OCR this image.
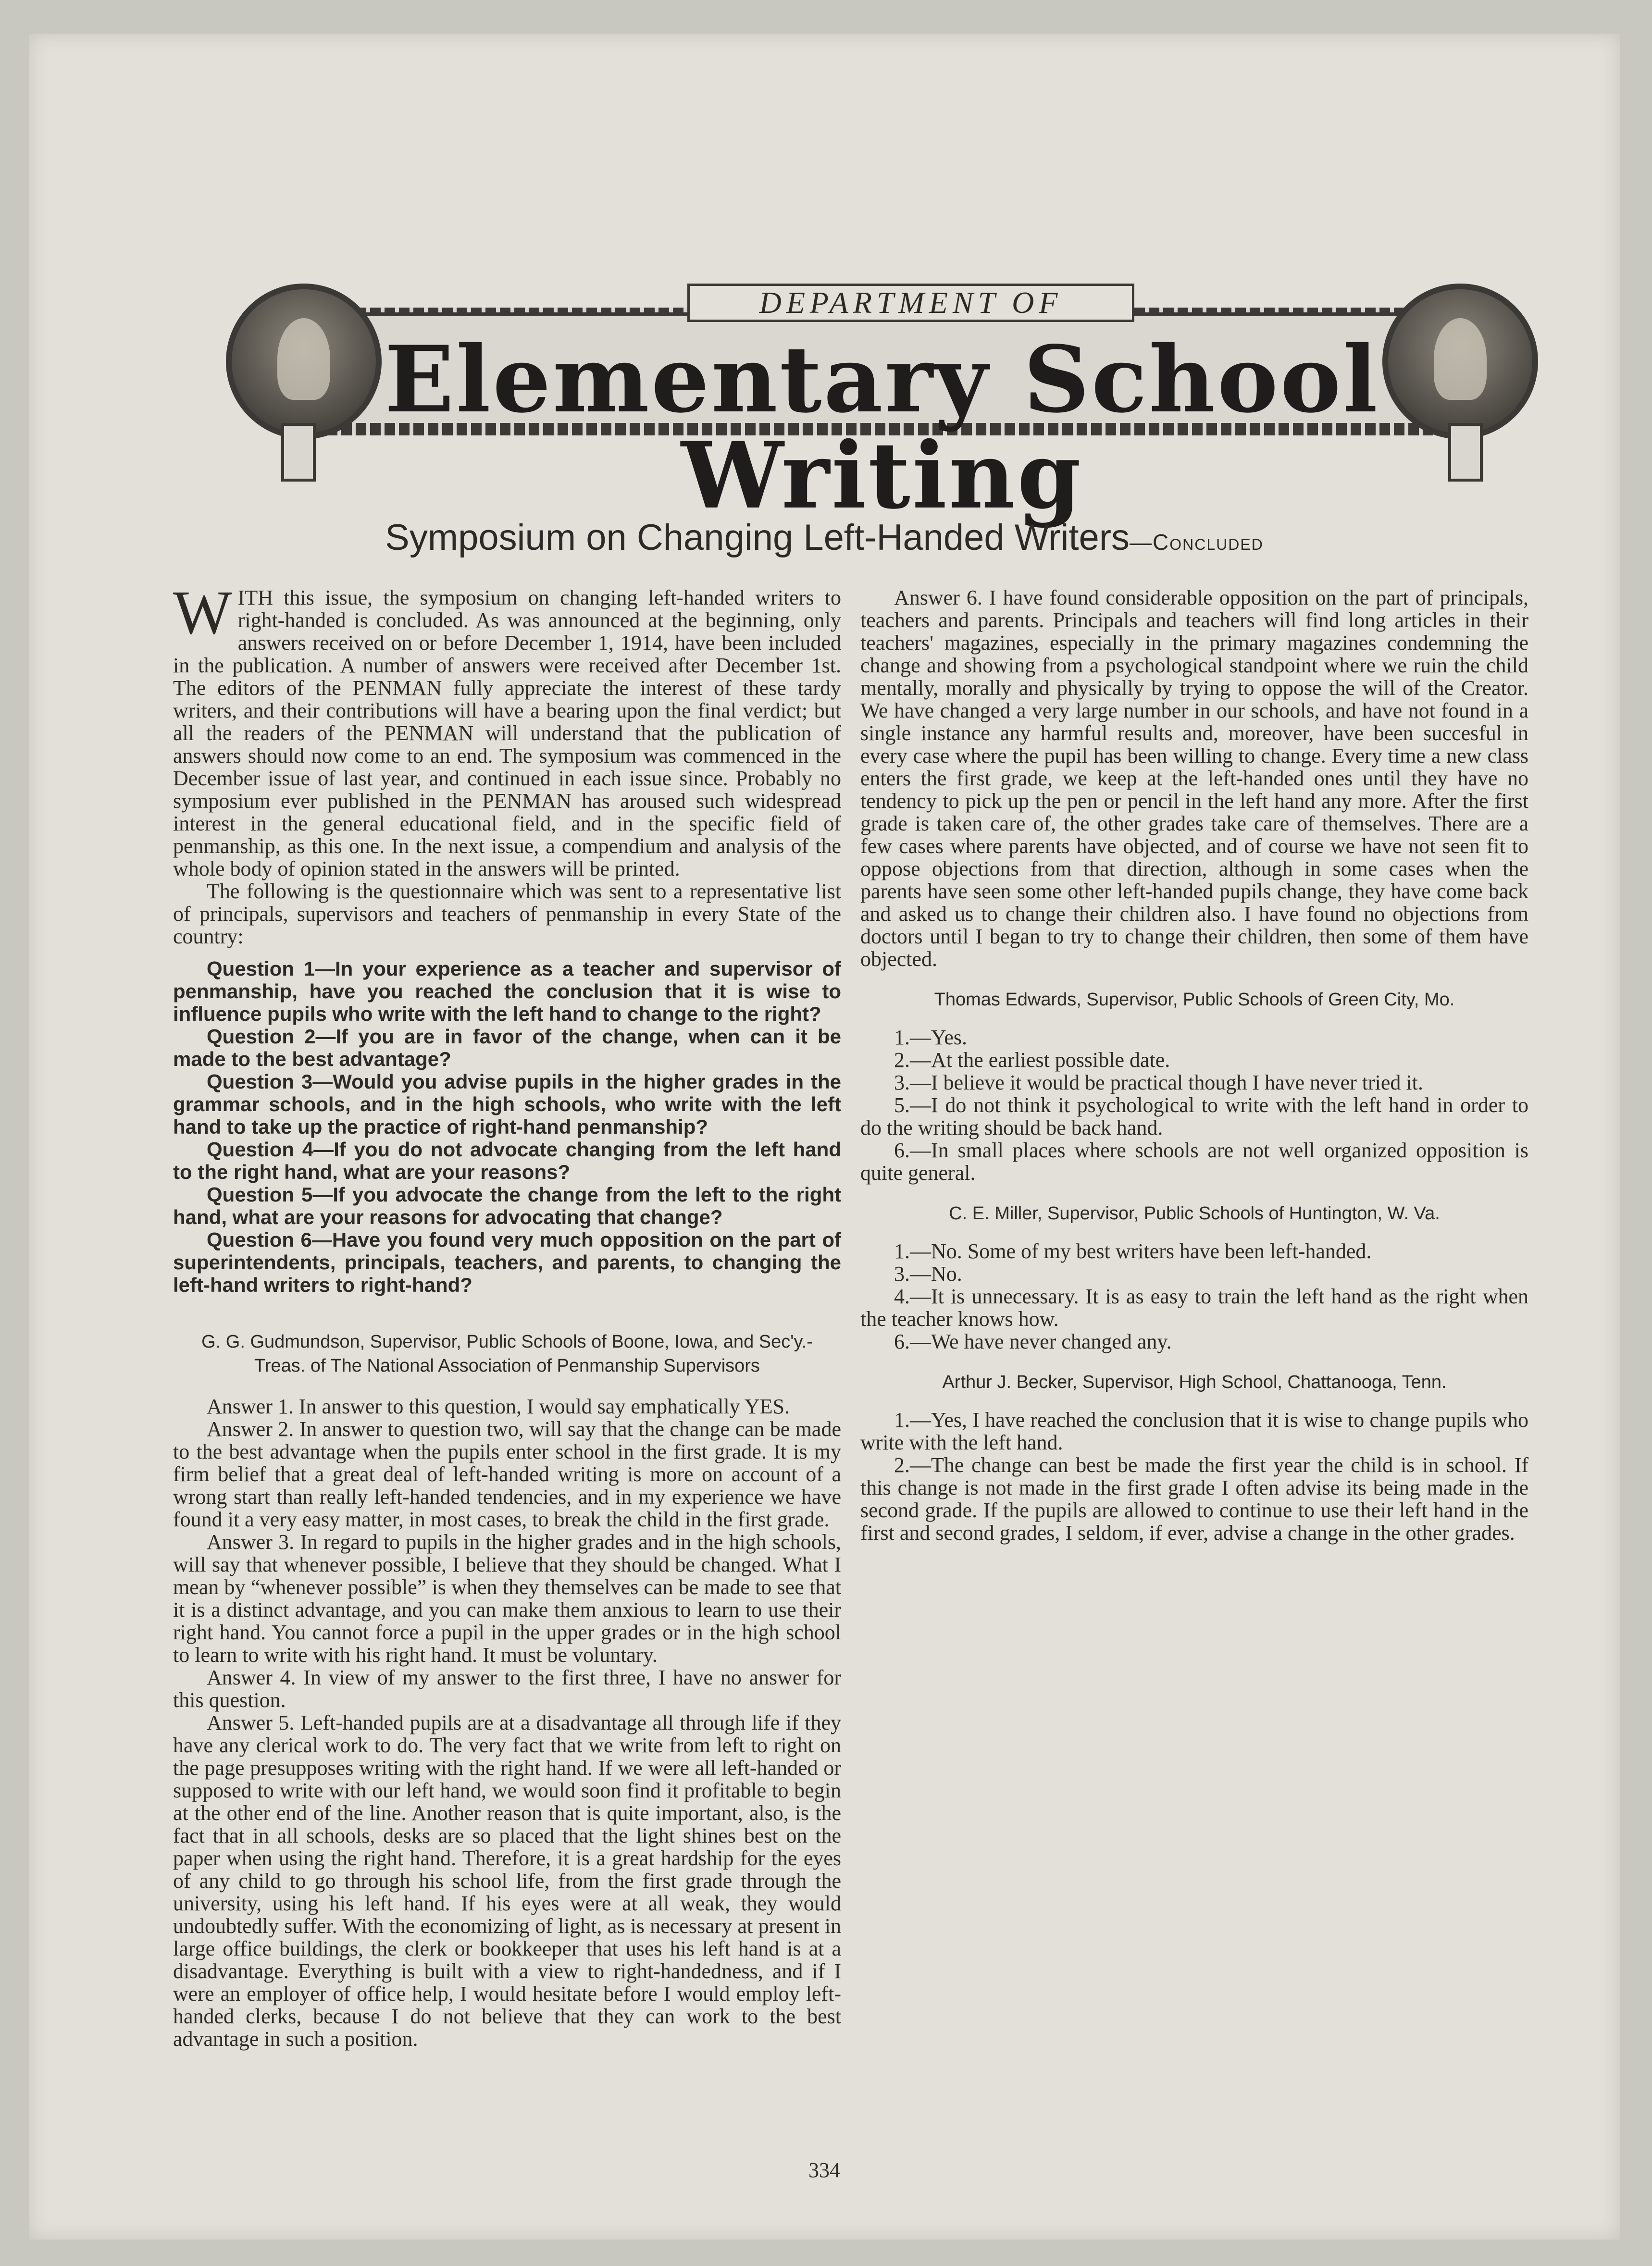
DEPARTMENT OF
Elementary School Writing
Symposium on Changing Left-Handed Writers—Concluded

WITH this issue, the symposium on changing left-handed writers to right-handed is concluded. As was announced at the beginning, only answers received on or before December 1, 1914, have been included in the publication. A number of answers were received after December 1st. The editors of the PENMAN fully appreciate the interest of these tardy writers, and their contributions will have a bearing upon the final verdict; but all the readers of the PENMAN will understand that the publication of answers should now come to an end. The symposium was commenced in the December issue of last year, and continued in each issue since. Probably no symposium ever published in the PENMAN has aroused such widespread interest in the general educational field, and in the specific field of penmanship, as this one. In the next issue, a compendium and analysis of the whole body of opinion stated in the answers will be printed.

The following is the questionnaire which was sent to a representative list of principals, supervisors and teachers of penmanship in every State of the country:

Question 1—In your experience as a teacher and supervisor of penmanship, have you reached the conclusion that it is wise to influence pupils who write with the left hand to change to the right?

Question 2—If you are in favor of the change, when can it be made to the best advantage?

Question 3—Would you advise pupils in the higher grades in the grammar schools, and in the high schools, who write with the left hand to take up the practice of right-hand penmanship?

Question 4—If you do not advocate changing from the left hand to the right hand, what are your reasons?

Question 5—If you advocate the change from the left to the right hand, what are your reasons for advocating that change?

Question 6—Have you found very much opposition on the part of superintendents, principals, teachers, and parents, to changing the left-hand writers to right-hand?

G. G. Gudmundson, Supervisor, Public Schools of Boone, Iowa, and Sec'y.-Treas. of The National Association of Penmanship Supervisors

Answer 1. In answer to this question, I would say emphatically YES.

Answer 2. In answer to question two, will say that the change can be made to the best advantage when the pupils enter school in the first grade. It is my firm belief that a great deal of left-handed writing is more on account of a wrong start than really left-handed tendencies, and in my experience we have found it a very easy matter, in most cases, to break the child in the first grade.

Answer 3. In regard to pupils in the higher grades and in the high schools, will say that whenever possible, I believe that they should be changed. What I mean by “whenever possible” is when they themselves can be made to see that it is a distinct advantage, and you can make them anxious to learn to use their right hand. You cannot force a pupil in the upper grades or in the high school to learn to write with his right hand. It must be voluntary.

Answer 4. In view of my answer to the first three, I have no answer for this question.

Answer 5. Left-handed pupils are at a disadvantage all through life if they have any clerical work to do. The very fact that we write from left to right on the page presupposes writing with the right hand. If we were all left-handed or supposed to write with our left hand, we would soon find it profitable to begin at the other end of the line. Another reason that is quite important, also, is the fact that in all schools, desks are so placed that the light shines best on the paper when using the right hand. Therefore, it is a great hardship for the eyes of any child to go through his school life, from the first grade through the university, using his left hand. If his eyes were at all weak, they would undoubtedly suffer. With the economizing of light, as is necessary at present in large office buildings, the clerk or bookkeeper that uses his left hand is at a disadvantage. Everything is built with a view to right-handedness, and if I were an employer of office help, I would hesitate before I would employ left-handed clerks, because I do not believe that they can work to the best advantage in such a position.

Answer 6. I have found considerable opposition on the part of principals, teachers and parents. Principals and teachers will find long articles in their teachers' magazines, especially in the primary magazines condemning the change and showing from a psychological standpoint where we ruin the child mentally, morally and physically by trying to oppose the will of the Creator. We have changed a very large number in our schools, and have not found in a single instance any harmful results and, moreover, have been succesful in every case where the pupil has been willing to change. Every time a new class enters the first grade, we keep at the left-handed ones until they have no tendency to pick up the pen or pencil in the left hand any more. After the first grade is taken care of, the other grades take care of themselves. There are a few cases where parents have objected, and of course we have not seen fit to oppose objections from that direction, although in some cases when the parents have seen some other left-handed pupils change, they have come back and asked us to change their children also. I have found no objections from doctors until I began to try to change their children, then some of them have objected.

Thomas Edwards, Supervisor, Public Schools of Green City, Mo.

1.—Yes.

2.—At the earliest possible date.

3.—I believe it would be practical though I have never tried it.

5.—I do not think it psychological to write with the left hand in order to do the writing should be back hand.

6.—In small places where schools are not well organized opposition is quite general.

C. E. Miller, Supervisor, Public Schools of Huntington, W. Va.

1.—No. Some of my best writers have been left-handed.

3.—No.

4.—It is unnecessary. It is as easy to train the left hand as the right when the teacher knows how.

6.—We have never changed any.

Arthur J. Becker, Supervisor, High School, Chattanooga, Tenn.

1.—Yes, I have reached the conclusion that it is wise to change pupils who write with the left hand.

2.—The change can best be made the first year the child is in school. If this change is not made in the first grade I often advise its being made in the second grade. If the pupils are allowed to continue to use their left hand in the first and second grades, I seldom, if ever, advise a change in the other grades.

334
